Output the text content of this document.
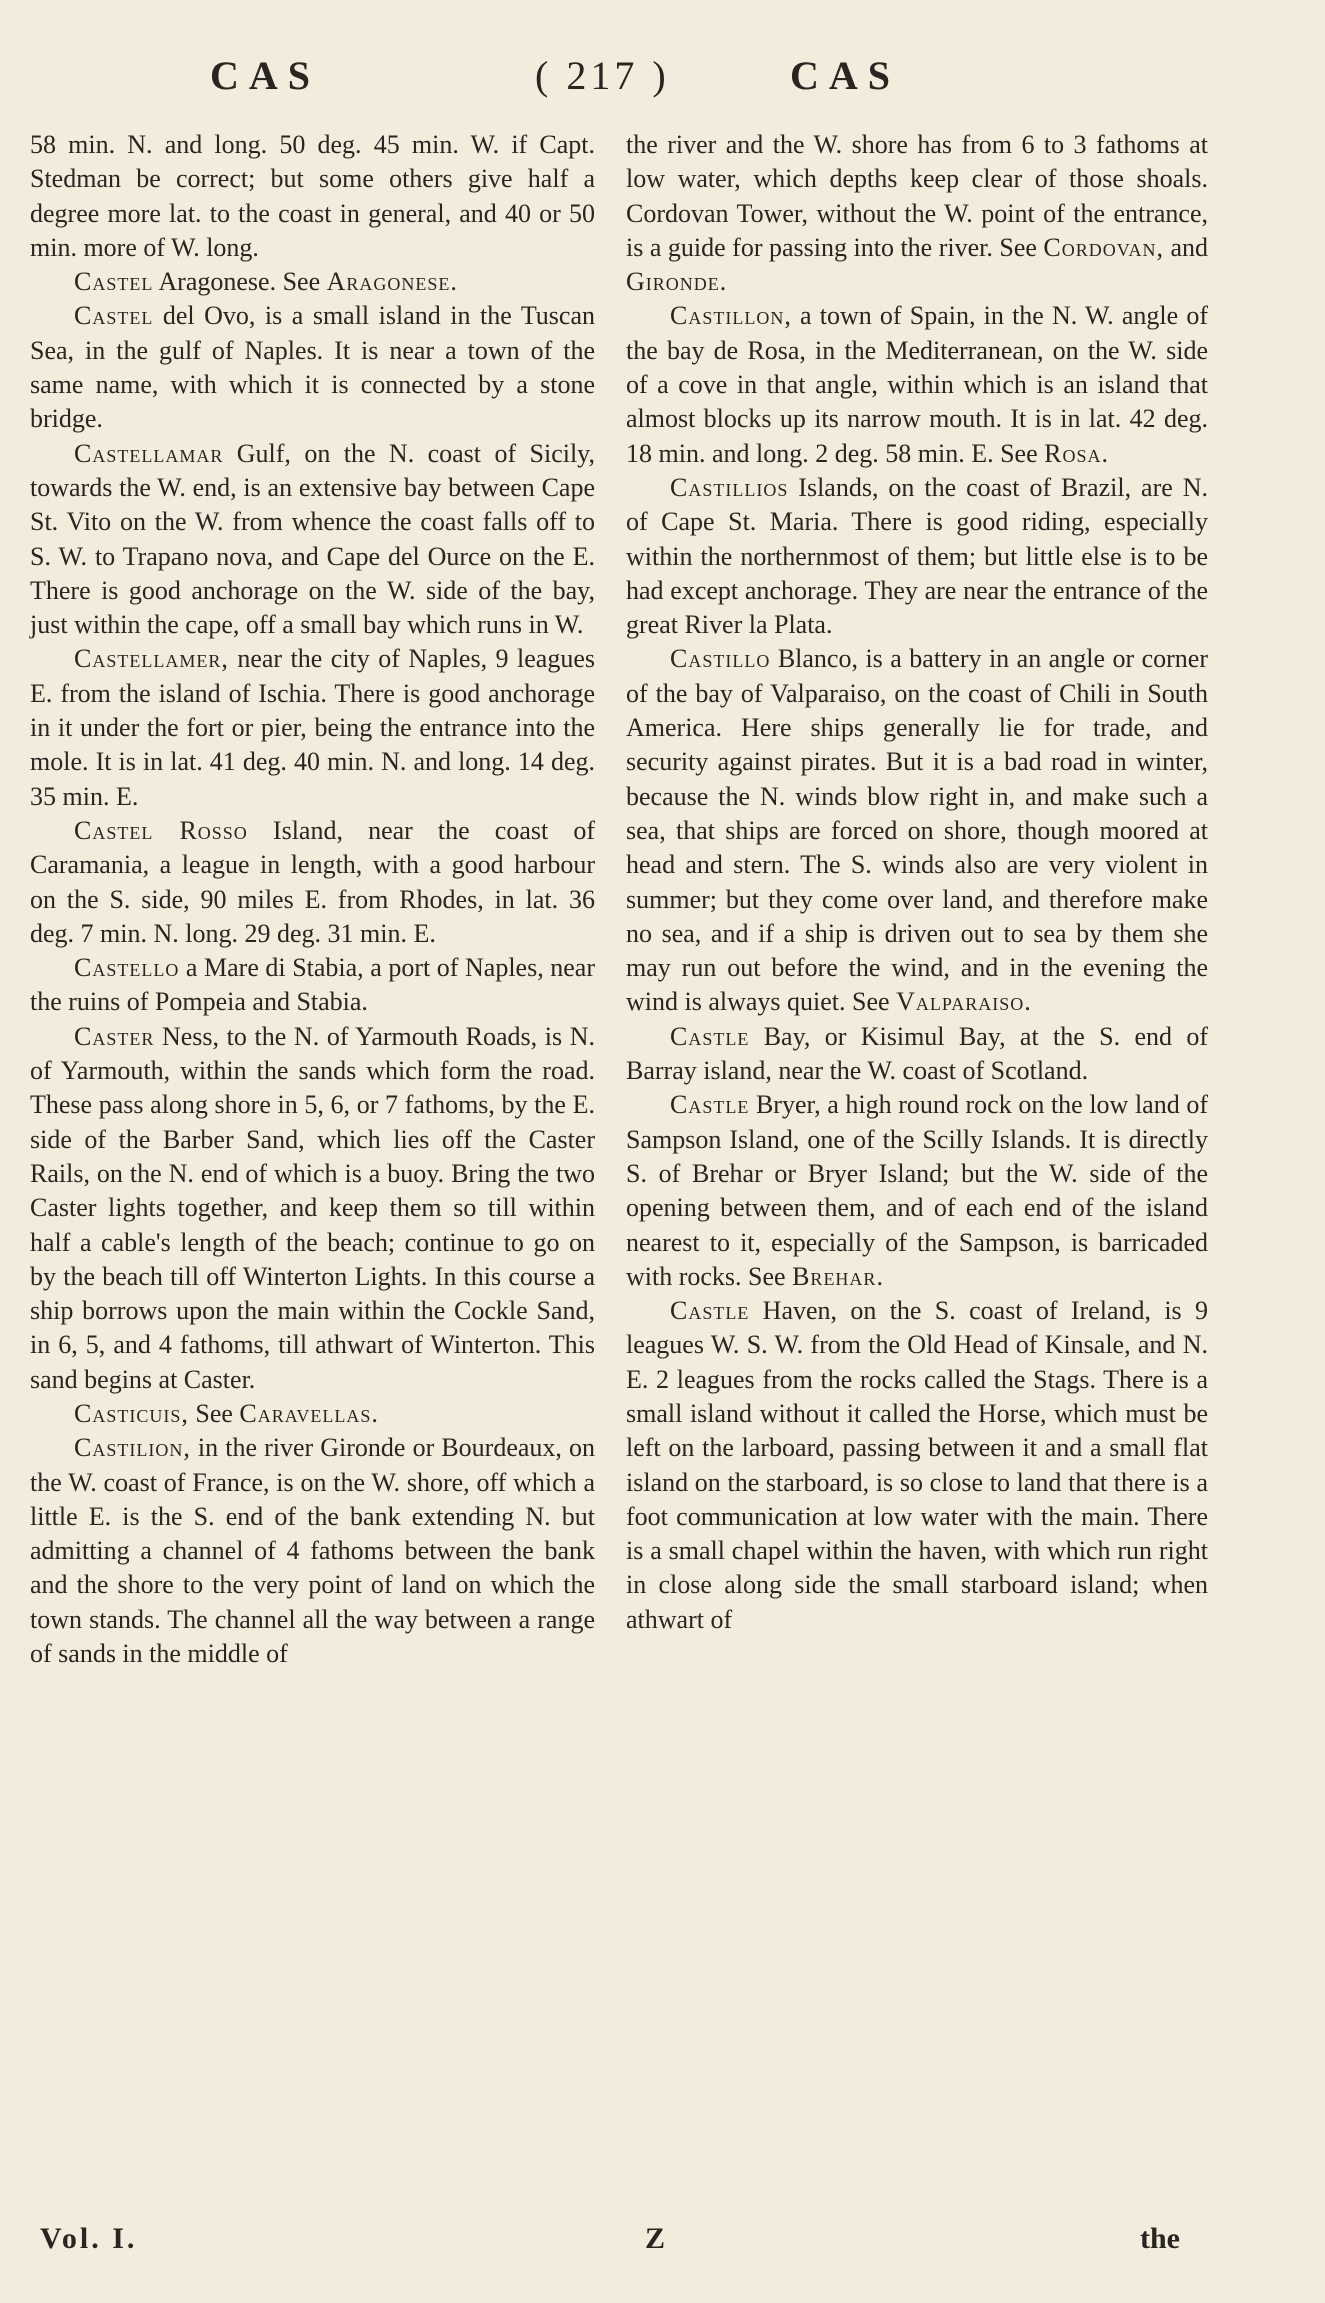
CAS	( 217 )	CAS

58 min. N. and long. 50 deg. 45 min. W. if Capt. Stedman be correct; but some others give half a degree more lat. to the coast in general, and 40 or 50 min. more of W. long.

Castel Aragonese. See Aragonese.

Castel del Ovo, is a small island in the Tuscan Sea, in the gulf of Naples. It is near a town of the same name, with which it is connected by a stone bridge.

Castellamar Gulf, on the N. coast of Sicily, towards the W. end, is an extensive bay between Cape St. Vito on the W. from whence the coast falls off to S. W. to Trapano nova, and Cape del Ource on the E. There is good anchorage on the W. side of the bay, just within the cape, off a small bay which runs in W.

Castellamer, near the city of Naples, 9 leagues E. from the island of Ischia. There is good anchorage in it under the fort or pier, being the entrance into the mole. It is in lat. 41 deg. 40 min. N. and long. 14 deg. 35 min. E.

Castel Rosso Island, near the coast of Caramania, a league in length, with a good harbour on the S. side, 90 miles E. from Rhodes, in lat. 36 deg. 7 min. N. long. 29 deg. 31 min. E.

Castello a Mare di Stabia, a port of Naples, near the ruins of Pompeia and Stabia.

Caster Ness, to the N. of Yarmouth Roads, is N. of Yarmouth, within the sands which form the road. These pass along shore in 5, 6, or 7 fathoms, by the E. side of the Barber Sand, which lies off the Caster Rails, on the N. end of which is a buoy. Bring the two Caster lights together, and keep them so till within half a cable's length of the beach; continue to go on by the beach till off Winterton Lights. In this course a ship borrows upon the main within the Cockle Sand, in 6, 5, and 4 fathoms, till athwart of Winterton. This sand begins at Caster.

Casticuis, See Caravellas.

Castilion, in the river Gironde or Bourdeaux, on the W. coast of France, is on the W. shore, off which a little E. is the S. end of the bank extending N. but admitting a channel of 4 fathoms between the bank and the shore to the very point of land on which the town stands. The channel all the way between a range of sands in the middle of

the river and the W. shore has from 6 to 3 fathoms at low water, which depths keep clear of those shoals. Cordovan Tower, without the W. point of the entrance, is a guide for passing into the river. See Cordovan, and Gironde.

Castillon, a town of Spain, in the N. W. angle of the bay de Rosa, in the Mediterranean, on the W. side of a cove in that angle, within which is an island that almost blocks up its narrow mouth. It is in lat. 42 deg. 18 min. and long. 2 deg. 58 min. E. See Rosa.

Castillios Islands, on the coast of Brazil, are N. of Cape St. Maria. There is good riding, especially within the northernmost of them; but little else is to be had except anchorage. They are near the entrance of the great River la Plata.

Castillo Blanco, is a battery in an angle or corner of the bay of Valparaiso, on the coast of Chili in South America. Here ships generally lie for trade, and security against pirates. But it is a bad road in winter, because the N. winds blow right in, and make such a sea, that ships are forced on shore, though moored at head and stern. The S. winds also are very violent in summer; but they come over land, and therefore make no sea, and if a ship is driven out to sea by them she may run out before the wind, and in the evening the wind is always quiet. See Valparaiso.

Castle Bay, or Kisimul Bay, at the S. end of Barray island, near the W. coast of Scotland.

Castle Bryer, a high round rock on the low land of Sampson Island, one of the Scilly Islands. It is directly S. of Brehar or Bryer Island; but the W. side of the opening between them, and of each end of the island nearest to it, especially of the Sampson, is barricaded with rocks. See Brehar.

Castle Haven, on the S. coast of Ireland, is 9 leagues W. S. W. from the Old Head of Kinsale, and N. E. 2 leagues from the rocks called the Stags. There is a small island without it called the Horse, which must be left on the larboard, passing between it and a small flat island on the starboard, is so close to land that there is a foot communication at low water with the main. There is a small chapel within the haven, with which run right in close along side the small starboard island; when athwart of

Vol. I.	Z	the
